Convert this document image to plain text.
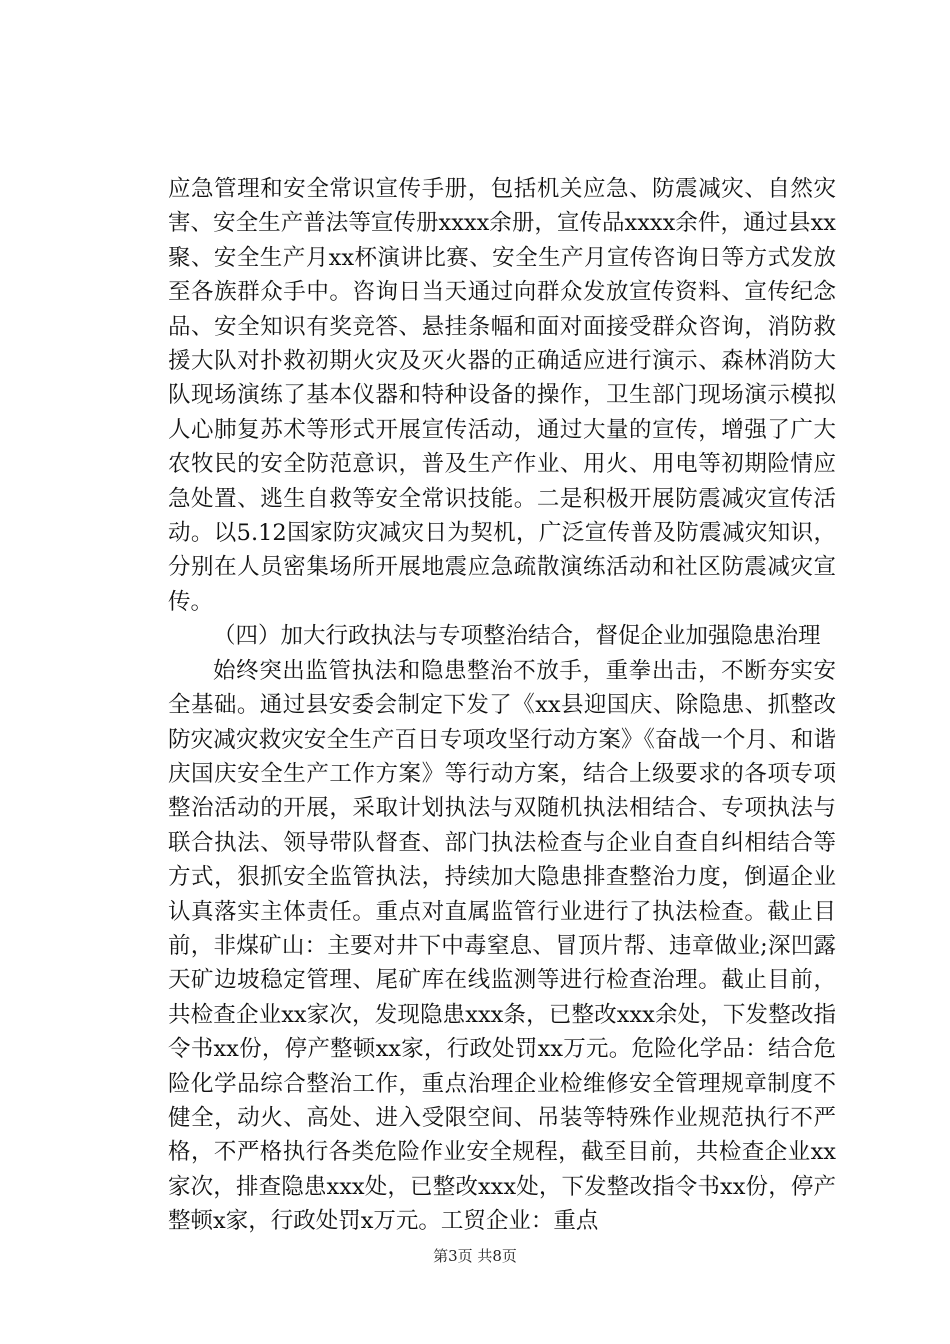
应急管理和安全常识宣传手册，包括机关应急、防震减灾、自然灾害、安全生产普法等宣传册xxxx余册，宣传品xxxx余件，通过县xx聚、安全生产月xx杯演讲比赛、安全生产月宣传咨询日等方式发放至各族群众手中。咨询日当天通过向群众发放宣传资料、宣传纪念品、安全知识有奖竞答、悬挂条幅和面对面接受群众咨询，消防救援大队对扑救初期火灾及灭火器的正确适应进行演示、森林消防大队现场演练了基本仪器和特种设备的操作，卫生部门现场演示模拟人心肺复苏术等形式开展宣传活动，通过大量的宣传，增强了广大农牧民的安全防范意识，普及生产作业、用火、用电等初期险情应急处置、逃生自救等安全常识技能。二是积极开展防震减灾宣传活动。以5.12国家防灾减灾日为契机，广泛宣传普及防震减灾知识，分别在人员密集场所开展地震应急疏散演练活动和社区防震减灾宣传。

（四）加大行政执法与专项整治结合，督促企业加强隐患治理

始终突出监管执法和隐患整治不放手，重拳出击，不断夯实安全基础。通过县安委会制定下发了《xx县迎国庆、除隐患、抓整改防灾减灾救灾安全生产百日专项攻坚行动方案》《奋战一个月、和谐庆国庆安全生产工作方案》等行动方案，结合上级要求的各项专项整治活动的开展，采取计划执法与双随机执法相结合、专项执法与联合执法、领导带队督查、部门执法检查与企业自查自纠相结合等方式，狠抓安全监管执法，持续加大隐患排查整治力度，倒逼企业认真落实主体责任。重点对直属监管行业进行了执法检查。截止目前，非煤矿山：主要对井下中毒窒息、冒顶片帮、违章做业;深凹露天矿边坡稳定管理、尾矿库在线监测等进行检查治理。截止目前，共检查企业xx家次，发现隐患xxx条，已整改xxx余处，下发整改指令书xx份，停产整顿xx家，行政处罚xx万元。危险化学品：结合危险化学品综合整治工作，重点治理企业检维修安全管理规章制度不健全，动火、高处、进入受限空间、吊装等特殊作业规范执行不严格，不严格执行各类危险作业安全规程，截至目前，共检查企业xx家次，排查隐患xxx处，已整改xxx处，下发整改指令书xx份，停产整顿x家，行政处罚x万元。工贸企业：重点

第3页 共8页
